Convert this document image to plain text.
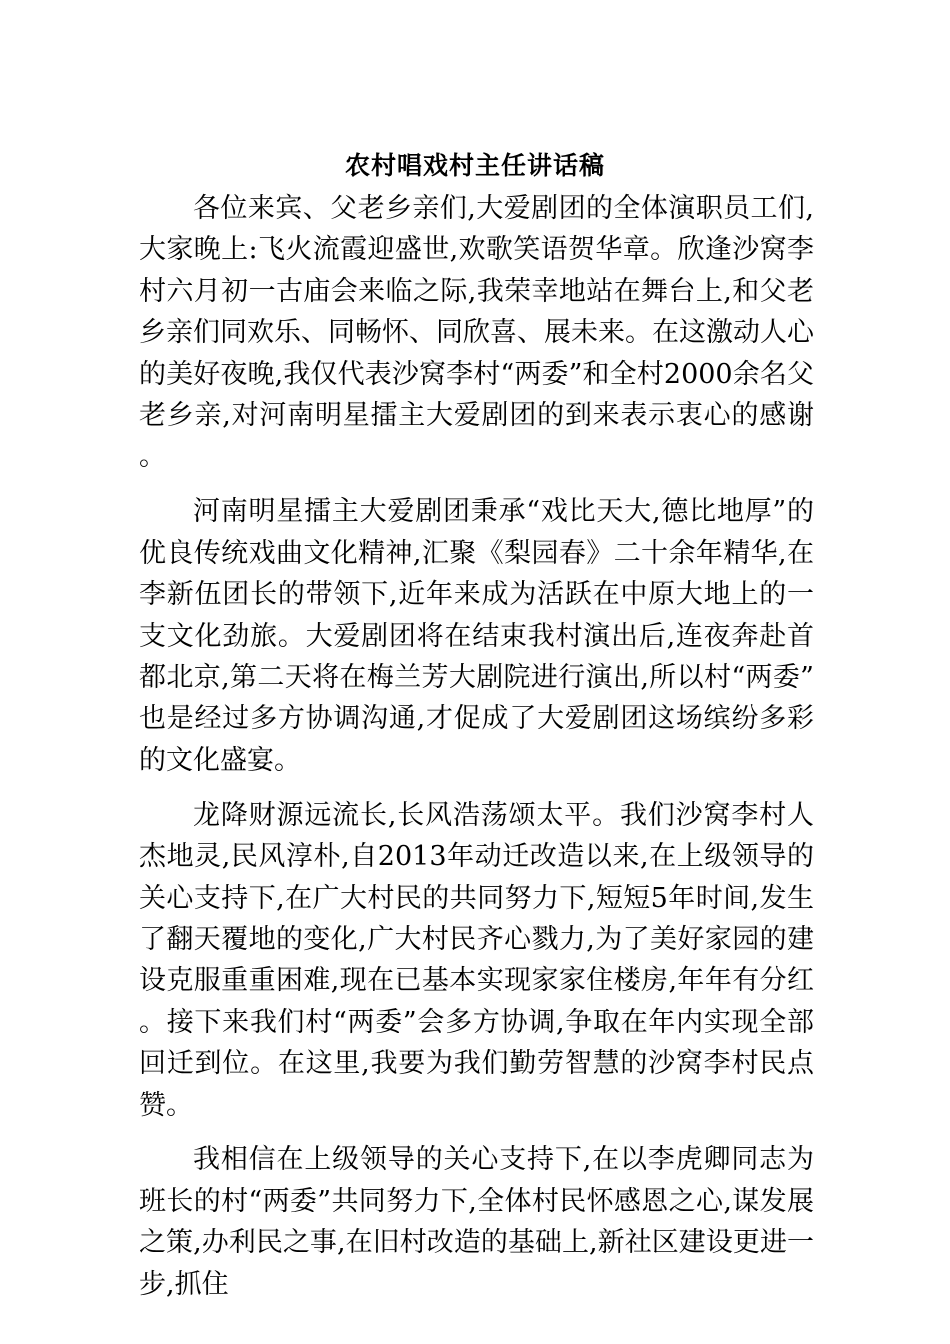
农村唱戏村主任讲话稿

各位来宾、父老乡亲们,大爱剧团的全体演职员工们,大家晚上:飞火流霞迎盛世,欢歌笑语贺华章。欣逢沙窝李村六月初一古庙会来临之际,我荣幸地站在舞台上,和父老乡亲们同欢乐、同畅怀、同欣喜、展未来。在这激动人心的美好夜晚,我仅代表沙窝李村“两委”和全村2000余名父老乡亲,对河南明星擂主大爱剧团的到来表示衷心的感谢。

河南明星擂主大爱剧团秉承“戏比天大,德比地厚”的优良传统戏曲文化精神,汇聚《梨园春》二十余年精华,在李新伍团长的带领下,近年来成为活跃在中原大地上的一支文化劲旅。大爱剧团将在结束我村演出后,连夜奔赴首都北京,第二天将在梅兰芳大剧院进行演出,所以村“两委”也是经过多方协调沟通,才促成了大爱剧团这场缤纷多彩的文化盛宴。

龙降财源远流长,长风浩荡颂太平。我们沙窝李村人杰地灵,民风淳朴,自2013年动迁改造以来,在上级领导的关心支持下,在广大村民的共同努力下,短短5年时间,发生了翻天覆地的变化,广大村民齐心戮力,为了美好家园的建设克服重重困难,现在已基本实现家家住楼房,年年有分红。接下来我们村“两委”会多方协调,争取在年内实现全部回迁到位。在这里,我要为我们勤劳智慧的沙窝李村民点赞。

我相信在上级领导的关心支持下,在以李虎卿同志为班长的村“两委”共同努力下,全体村民怀感恩之心,谋发展之策,办利民之事,在旧村改造的基础上,新社区建设更进一步,抓住
